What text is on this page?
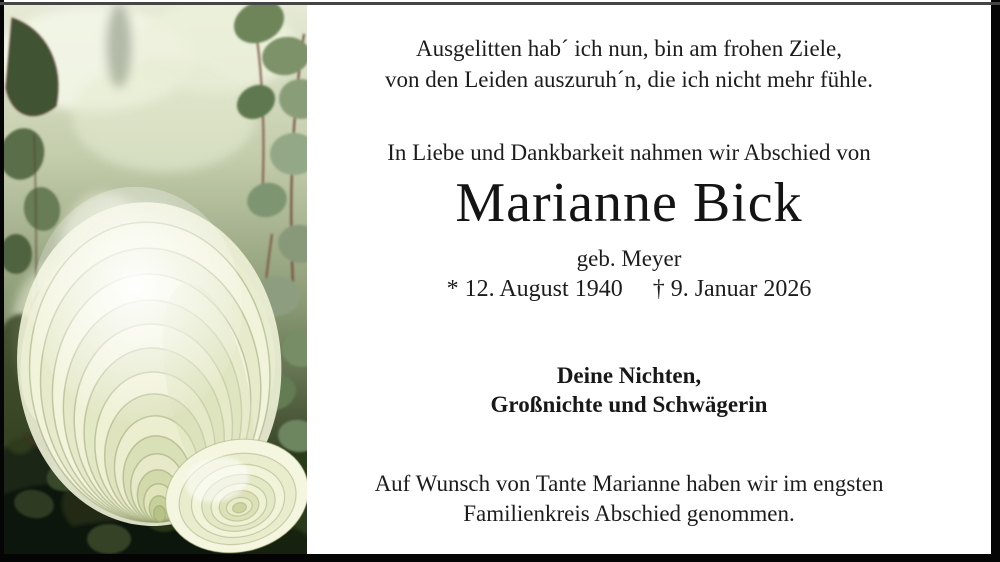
Ausgelitten hab´ ich nun, bin am frohen Ziele,
von den Leiden auszuruh´n, die ich nicht mehr fühle.
In Liebe und Dankbarkeit nahmen wir Abschied von
Marianne Bick
geb. Meyer
* 12. August 1940 † 9. Januar 2026
Deine Nichten,
Großnichte und Schwägerin
Auf Wunsch von Tante Marianne haben wir im engsten
Familienkreis Abschied genommen.
